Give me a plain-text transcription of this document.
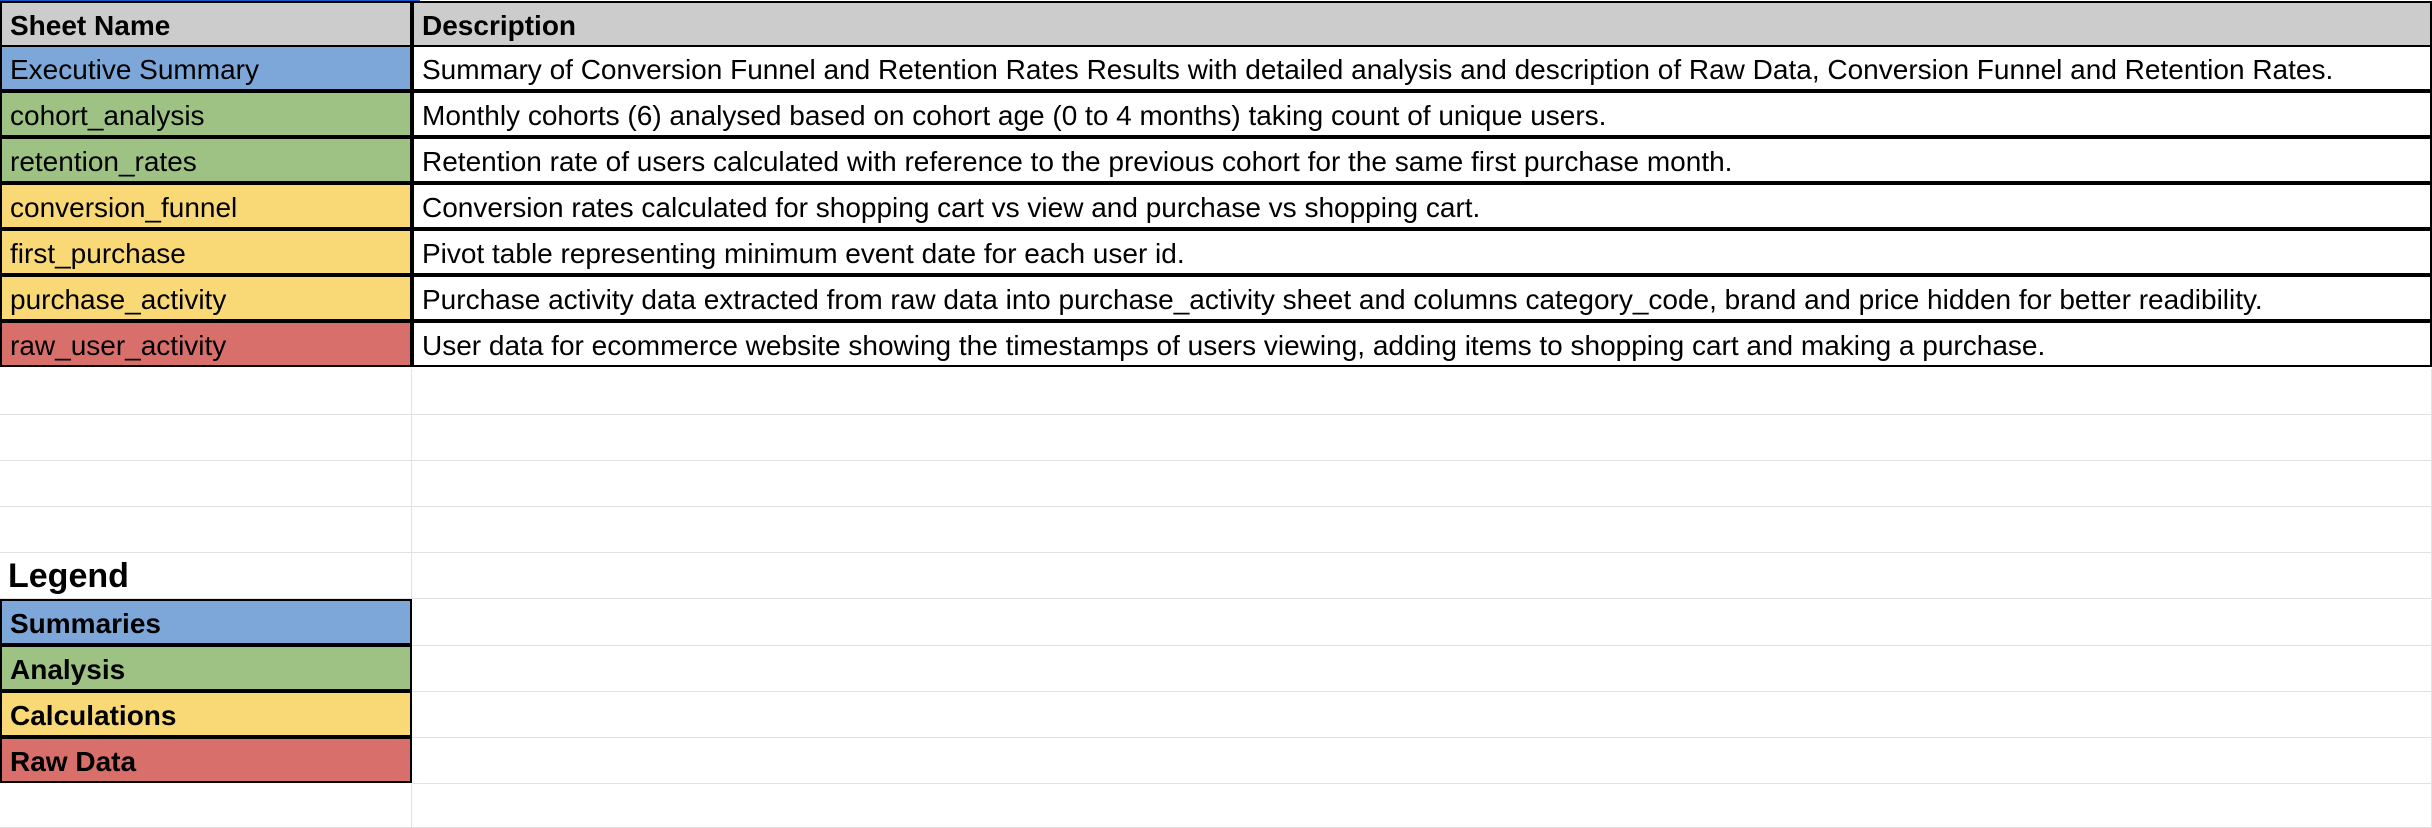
Sheet Name	Description
Executive Summary	Summary of Conversion Funnel and Retention Rates Results with detailed analysis and description of Raw Data, Conversion Funnel and Retention Rates.
cohort_analysis	Monthly cohorts (6) analysed based on cohort age (0 to 4 months) taking count of unique users.
retention_rates	Retention rate of users calculated with reference to the previous cohort for the same first purchase month.
conversion_funnel	Conversion rates calculated for shopping cart vs view and purchase vs shopping cart.
first_purchase	Pivot table representing minimum event date for each user id.
purchase_activity	Purchase activity data extracted from raw data into purchase_activity sheet and columns category_code, brand and price hidden for better readibility.
raw_user_activity	User data for ecommerce website showing the timestamps of users viewing, adding items to shopping cart and making a purchase.
Legend
Summaries
Analysis
Calculations
Raw Data
